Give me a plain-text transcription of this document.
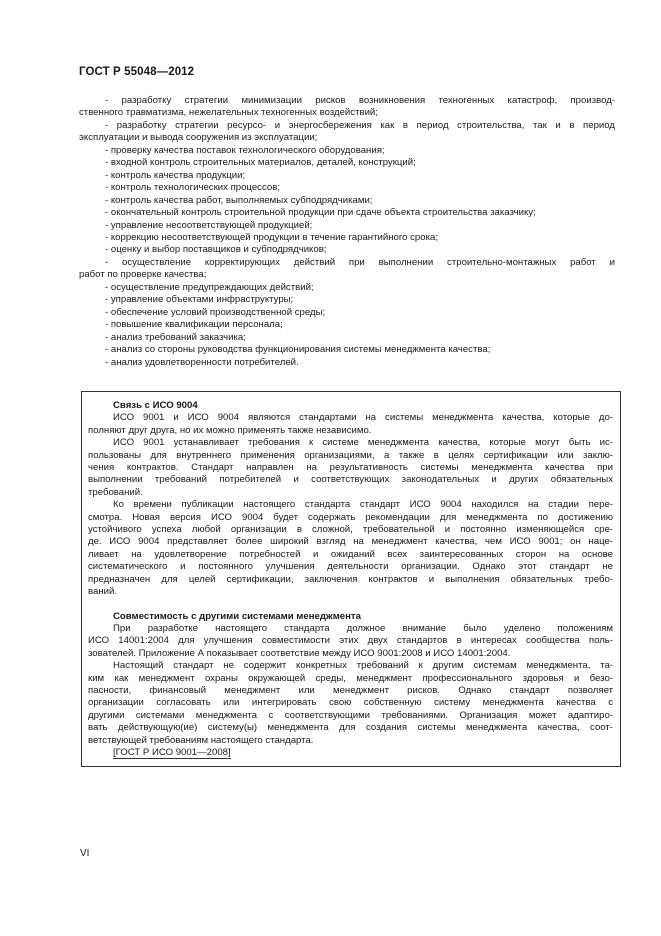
ГОСТ Р 55048—2012
- разработку стратегии минимизации рисков возникновения техногенных катастроф, производ-
ственного травматизма, нежелательных техногенных воздействий;
- разработку стратегии ресурсо- и энергосбережения как в период строительства, так и в период
эксплуатации и вывода сооружения из эксплуатации;
- проверку качества поставок технологического оборудования;
- входной контроль строительных материалов, деталей, конструкций;
- контроль качества продукции;
- контроль технологических процессов;
- контроль качества работ, выполняемых субподрядчиками;
- окончательный контроль строительной продукции при сдаче объекта строительства заказчику;
- управление несоответствующей продукцией;
- коррекцию несоответствующей продукции в течение гарантийного срока;
- оценку и выбор поставщиков и субподрядчиков;
- осуществление корректирующих действий при выполнении строительно-монтажных работ и
работ по проверке качества;
- осуществление предупреждающих действий;
- управление объектами инфраструктуры;
- обеспечение условий производственной среды;
- повышение квалификации персонала;
- анализ требований заказчика;
- анализ со стороны руководства функционирования системы менеджмента качества;
- анализ удовлетворенности потребителей.
Связь с ИСО 9004
ИСО 9001 и ИСО 9004 являются стандартами на системы менеджмента качества, которые до-
полняют друг друга, но их можно применять также независимо.
ИСО 9001 устанавливает требования к системе менеджмента качества, которые могут быть ис-
пользованы для внутреннего применения организациями, а также в целях сертификации или заклю-
чения контрактов. Стандарт направлен на результативность системы менеджмента качества при
выполнении требований потребителей и соответствующих законодательных и других обязательных
требований.
Ко времени публикации настоящего стандарта стандарт ИСО 9004 находился на стадии пере-
смотра. Новая версия ИСО 9004 будет содержать рекомендации для менеджмента по достижению
устойчивого успеха любой организации в сложной, требовательной и постоянно изменяющейся сре-
де. ИСО 9004 представляет более широкий взгляд на менеджмент качества, чем ИСО 9001; он наце-
ливает на удовлетворение потребностей и ожиданий всех заинтересованных сторон на основе
систематического и постоянного улучшения деятельности организации. Однако этот стандарт не
предназначен для целей сертификации, заключения контрактов и выполнения обязательных требо-
ваний.
Совместимость с другими системами менеджмента
При разработке настоящего стандарта должное внимание было уделено положениям
ИСО 14001:2004 для улучшения совместимости этих двух стандартов в интересах сообщества поль-
зователей. Приложение А показывает соответствие между ИСО 9001:2008 и ИСО 14001:2004.
Настоящий стандарт не содержит конкретных требований к другим системам менеджмента, та-
ким как менеджмент охраны окружающей среды, менеджмент профессионального здоровья и безо-
пасности, финансовый менеджмент или менеджмент рисков. Однако стандарт позволяет
организации согласовать или интегрировать свою собственную систему менеджмента качества с
другими системами менеджмента с соответствующими требованиями. Организация может адаптиро-
вать действующую(ие) систему(ы) менеджмента для создания системы менеджмента качества, соот-
ветствующей требованиям настоящего стандарта.
[ГОСТ Р ИСО 9001—2008]
VI
